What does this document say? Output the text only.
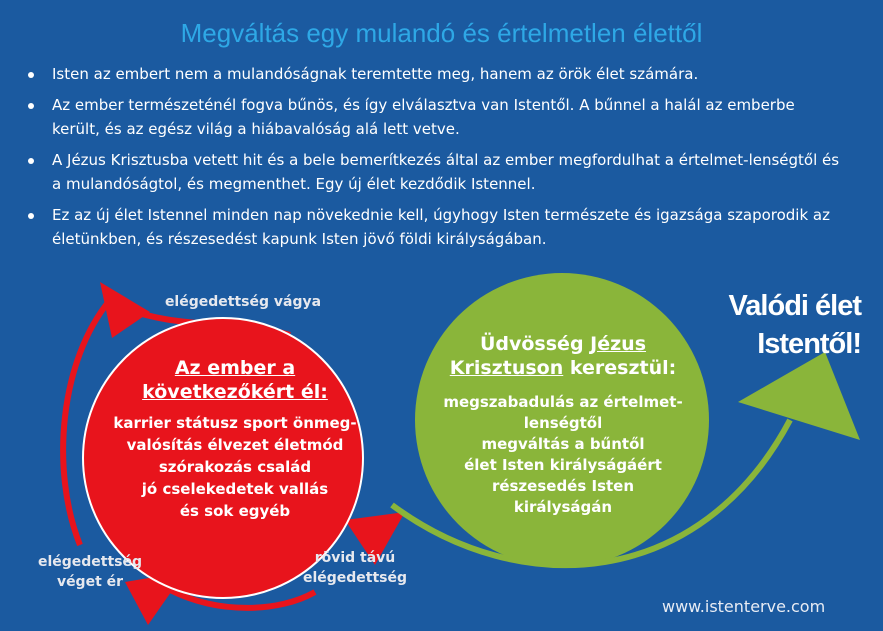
Megváltás egy mulandó és értelmetlen élettől
Isten az embert nem a mulandóságnak teremtette meg, hanem az örök élet számára.
Az ember természeténél fogva bűnös, és így elválasztva van Istentől. A bűnnel a halál az emberbe került, és az egész világ a hiábavalóság alá lett vetve.
A Jézus Krisztusba vetett hit és a bele bemerítkezés által az ember megfordulhat a értelmet-lenségtől és a mulandóságtol, és megmenthet. Egy új élet kezdődik Istennel.
Ez az új élet Istennel minden nap növekednie kell, úgyhogy Isten természete és igazsága szaporodik az életünkben, és részesedést kapunk Isten jövő földi királyságában.
elégedettség vágya
rövid távú
elégedettség
elégedettség
véget ér
Az ember a
következőkért él:
karrier státusz sport önmeg-
valósítás élvezet életmód
szórakozás család
jó cselekedetek vallás
és sok egyéb
Üdvösség Jézus
Krisztuson keresztül:
megszabadulás az értelmet-
lenségtől
megváltás a bűntől
élet Isten királyságáért
részesedés Isten
királyságán
Valódi élet
Istentől!
www.istenterve.com
